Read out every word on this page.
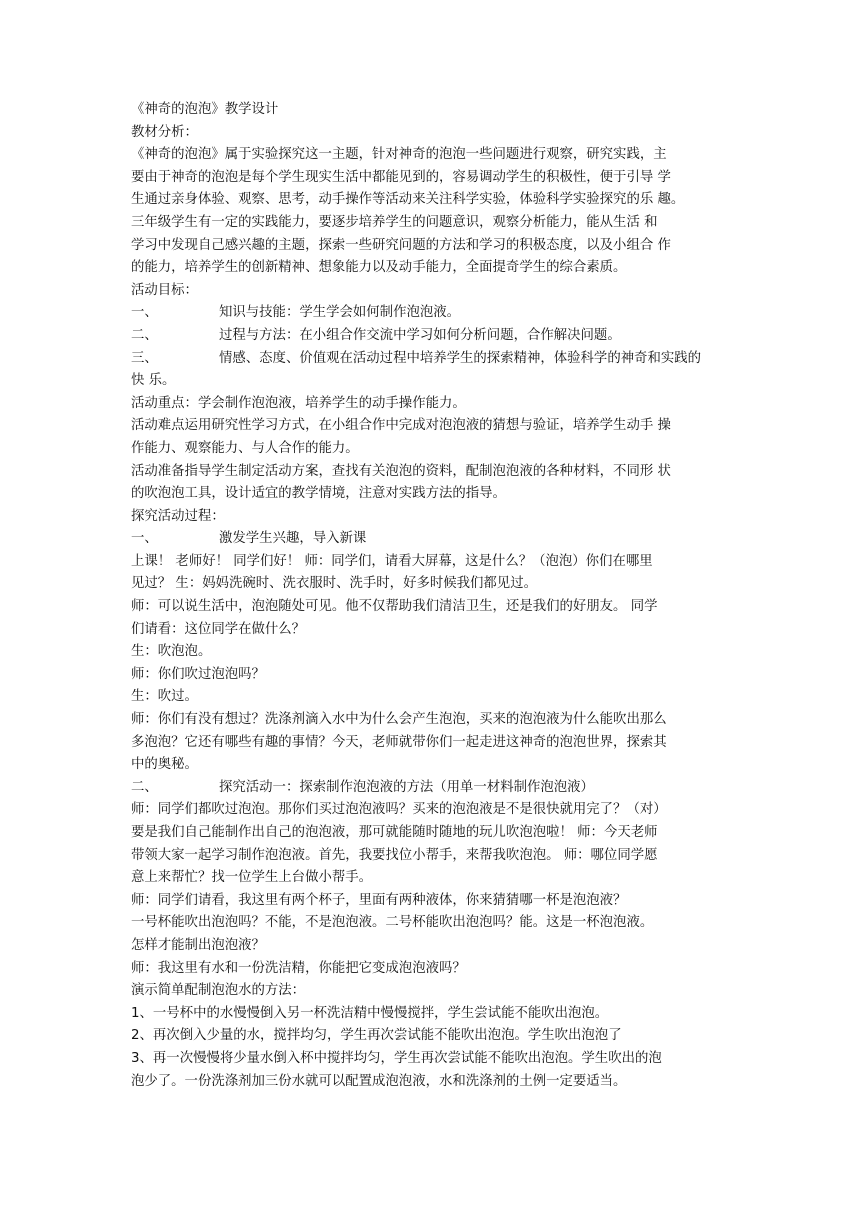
《神奇的泡泡》教学设计
教材分析：
《神奇的泡泡》属于实验探究这一主题，针对神奇的泡泡一些问题进行观察，研究实践，主
要由于神奇的泡泡是每个学生现实生活中都能见到的，容易调动学生的积极性，便于引导 学
生通过亲身体验、观察、思考，动手操作等活动来关注科学实验，体验科学实验探究的乐 趣。
三年级学生有一定的实践能力，要逐步培养学生的问题意识，观察分析能力，能从生活 和
学习中发现自己感兴趣的主题，探索一些研究问题的方法和学习的积极态度，以及小组合 作
的能力，培养学生的创新精神、想象能力以及动手能力，全面提奇学生的综合素质。
活动目标：
一、	知识与技能：学生学会如何制作泡泡液。
二、	过程与方法：在小组合作交流中学习如何分析问题，合作解决问题。
三、	情感、态度、价值观在活动过程中培养学生的探索精神，体验科学的神奇和实践的
快 乐。
活动重点：学会制作泡泡液，培养学生的动手操作能力。
活动难点运用研究性学习方式，在小组合作中完成对泡泡液的猜想与验证，培养学生动手 操
作能力、观察能力、与人合作的能力。
活动准备指导学生制定活动方案，查找有关泡泡的资料，配制泡泡液的各种材料，不同形 状
的吹泡泡工具，设计适宜的教学情境，注意对实践方法的指导。
探究活动过程：
一、	激发学生兴趣，导入新课
上课！ 老师好！ 同学们好！ 师：同学们，请看大屏幕，这是什么？（泡泡）你们在哪里
见过？ 生：妈妈洗碗时、洗衣服时、洗手时，好多时候我们都见过。
师：可以说生活中，泡泡随处可见。他不仅帮助我们清洁卫生，还是我们的好朋友。 同学
们请看：这位同学在做什么？
生：吹泡泡。
师：你们吹过泡泡吗？
生：吹过。
师：你们有没有想过？洗涤剂滴入水中为什么会产生泡泡，买来的泡泡液为什么能吹出那么
多泡泡？它还有哪些有趣的事情？今天，老师就带你们一起走进这神奇的泡泡世界，探索其
中的奥秘。
二、	探究活动一：探索制作泡泡液的方法（用单一材料制作泡泡液）
师：同学们都吹过泡泡。那你们买过泡泡液吗？买来的泡泡液是不是很快就用完了？（对）
要是我们自己能制作出自己的泡泡液，那可就能随时随地的玩儿吹泡泡啦！ 师：今天老师
带领大家一起学习制作泡泡液。首先，我要找位小帮手，来帮我吹泡泡。 师：哪位同学愿
意上来帮忙？找一位学生上台做小帮手。
师：同学们请看，我这里有两个杯子，里面有两种液体，你来猜猜哪一杯是泡泡液？
一号杯能吹出泡泡吗？不能，不是泡泡液。二号杯能吹出泡泡吗？能。这是一杯泡泡液。
怎样才能制出泡泡液？
师：我这里有水和一份洗洁精，你能把它变成泡泡液吗？
演示简单配制泡泡水的方法：
1、一号杯中的水慢慢倒入另一杯洗洁精中慢慢搅拌，学生尝试能不能吹出泡泡。
2、再次倒入少量的水，搅拌均匀，学生再次尝试能不能吹出泡泡。学生吹出泡泡了
3、再一次慢慢将少量水倒入杯中搅拌均匀，学生再次尝试能不能吹出泡泡。学生吹出的泡
泡少了。一份洗涤剂加三份水就可以配置成泡泡液，水和洗涤剂的土例一定要适当。
